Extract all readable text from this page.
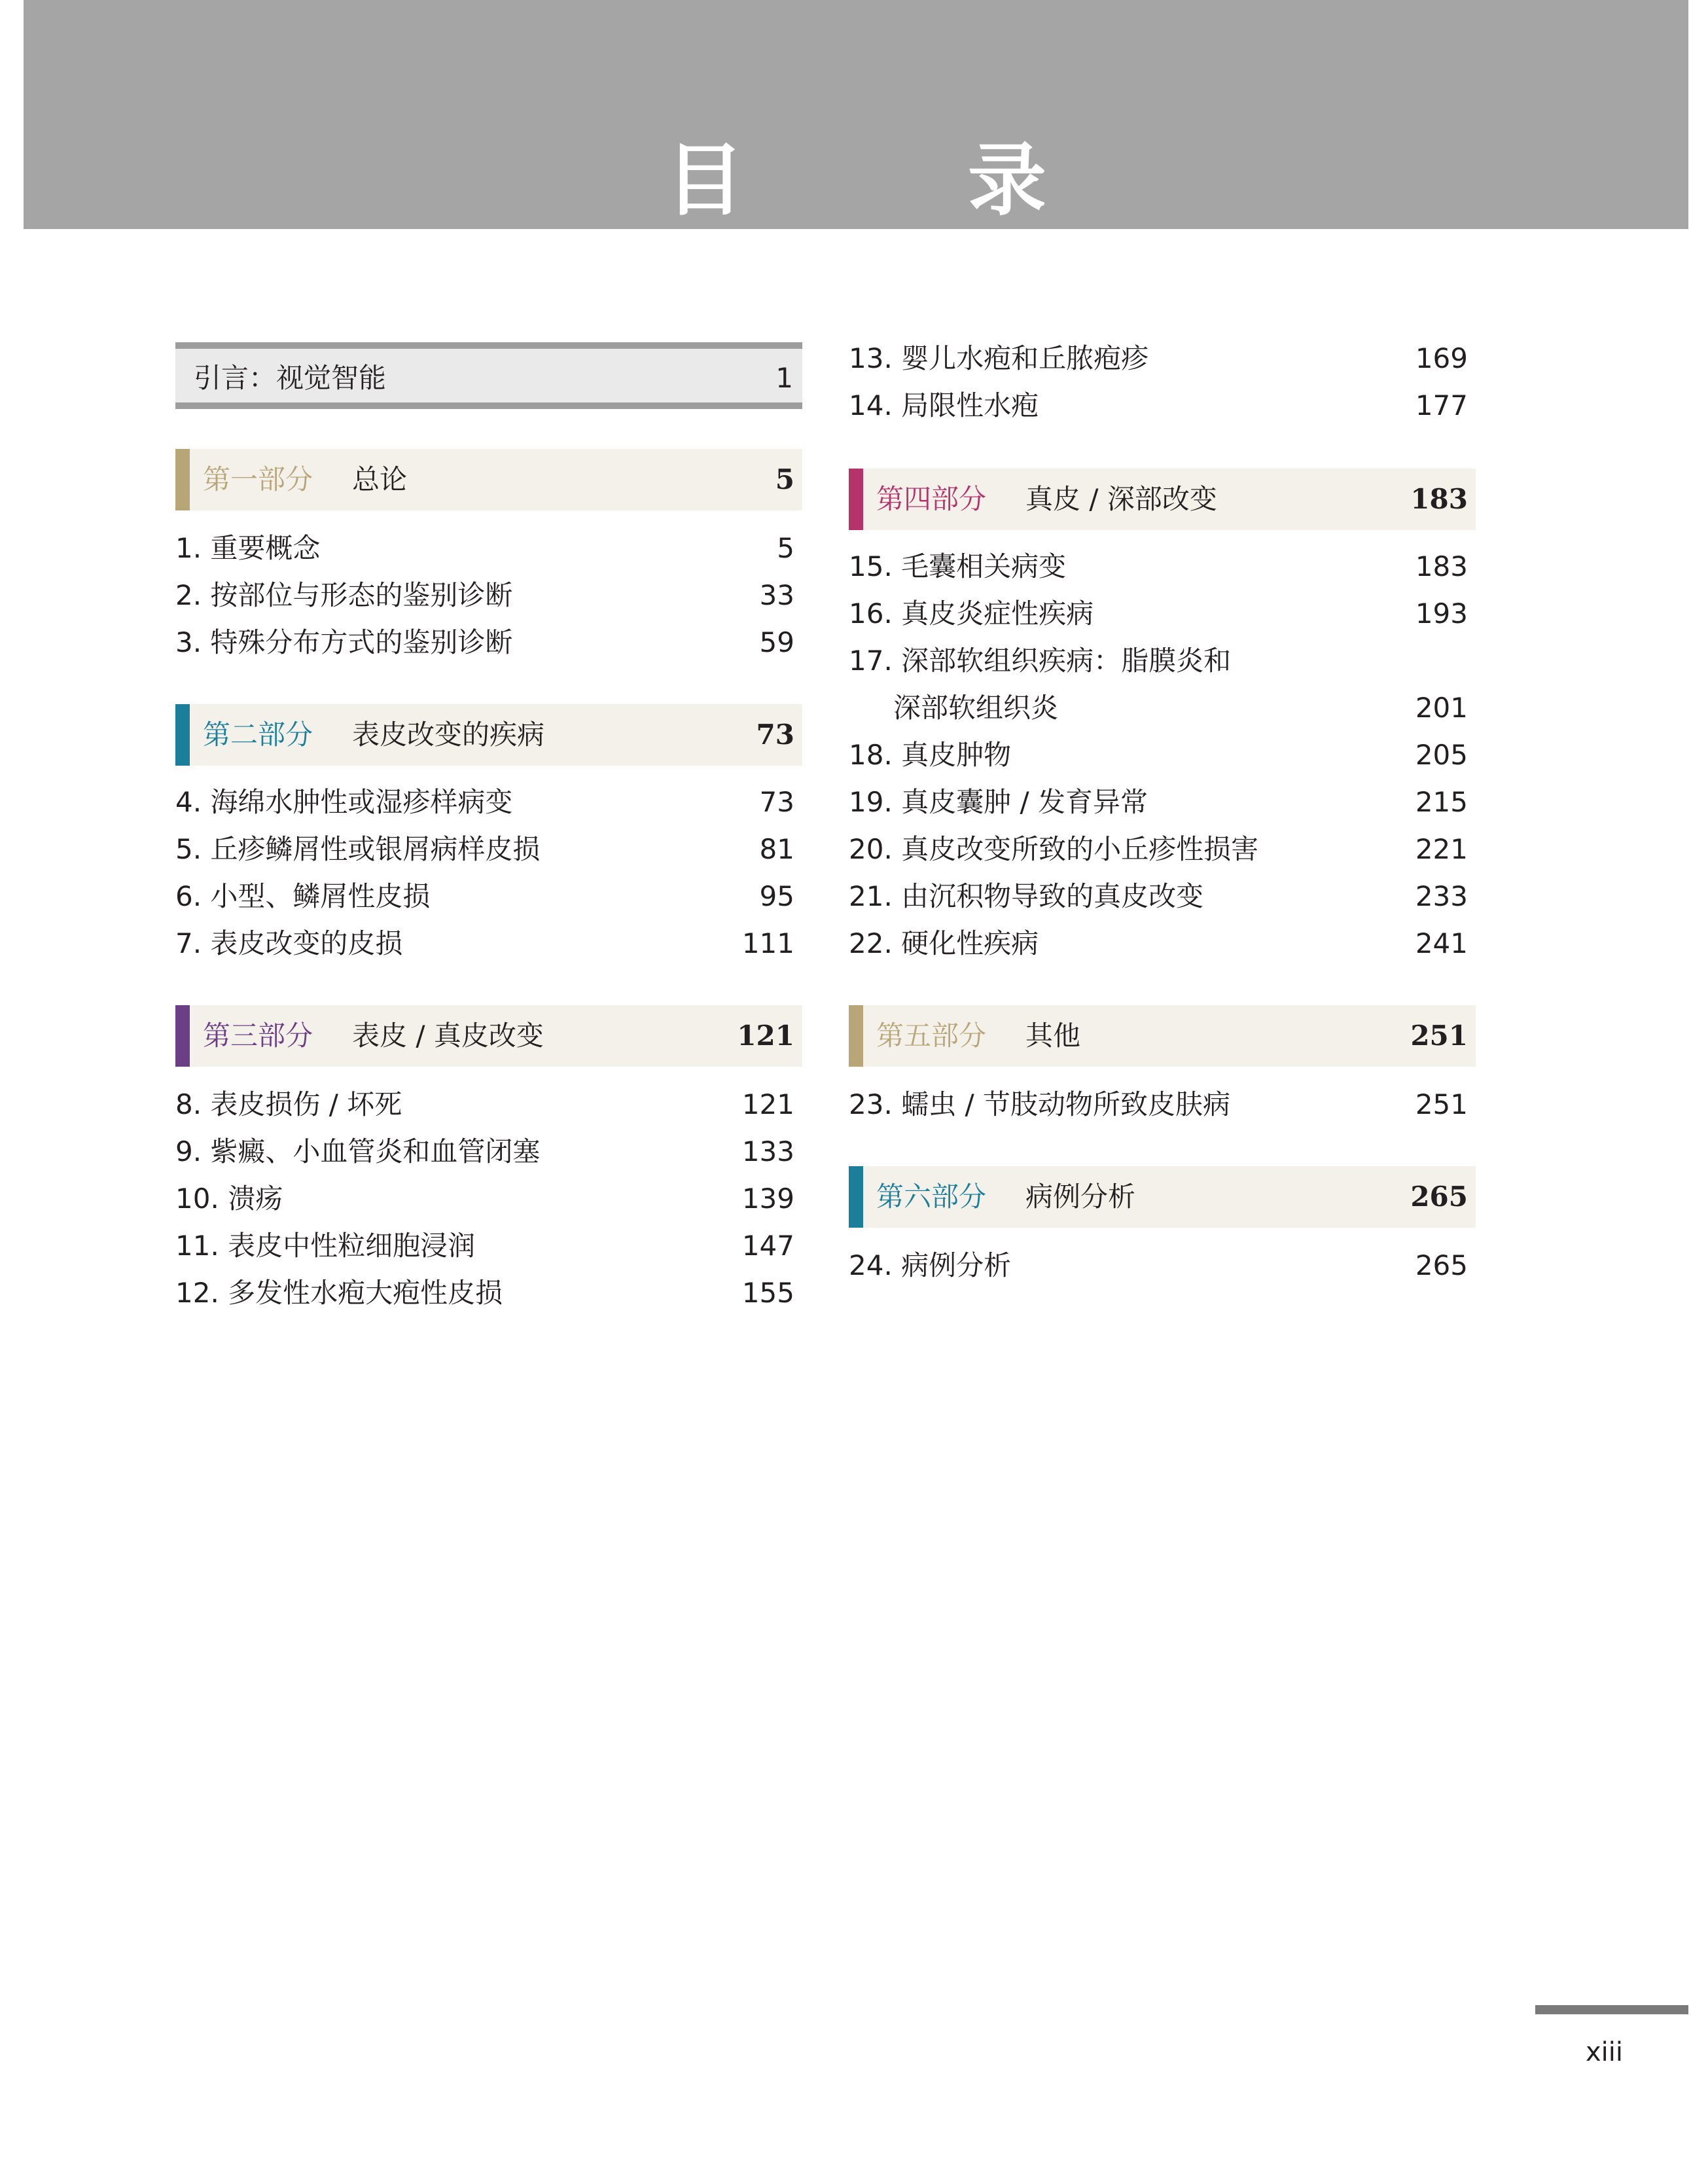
目 录
引言：视觉智能	1
第一部分 总论	5
1. 重要概念	5
2. 按部位与形态的鉴别诊断	33
3. 特殊分布方式的鉴别诊断	59
第二部分 表皮改变的疾病	73
4. 海绵水肿性或湿疹样病变	73
5. 丘疹鳞屑性或银屑病样皮损	81
6. 小型、鳞屑性皮损	95
7. 表皮改变的皮损	111
第三部分 表皮 / 真皮改变	121
8. 表皮损伤 / 坏死	121
9. 紫癜、小血管炎和血管闭塞	133
10. 溃疡	139
11. 表皮中性粒细胞浸润	147
12. 多发性水疱大疱性皮损	155
13. 婴儿水疱和丘脓疱疹	169
14. 局限性水疱	177
第四部分 真皮 / 深部改变	183
15. 毛囊相关病变	183
16. 真皮炎症性疾病	193
17. 深部软组织疾病：脂膜炎和
深部软组织炎	201
18. 真皮肿物	205
19. 真皮囊肿 / 发育异常	215
20. 真皮改变所致的小丘疹性损害	221
21. 由沉积物导致的真皮改变	233
22. 硬化性疾病	241
第五部分 其他	251
23. 蠕虫 / 节肢动物所致皮肤病	251
第六部分 病例分析	265
24. 病例分析	265
xiii
